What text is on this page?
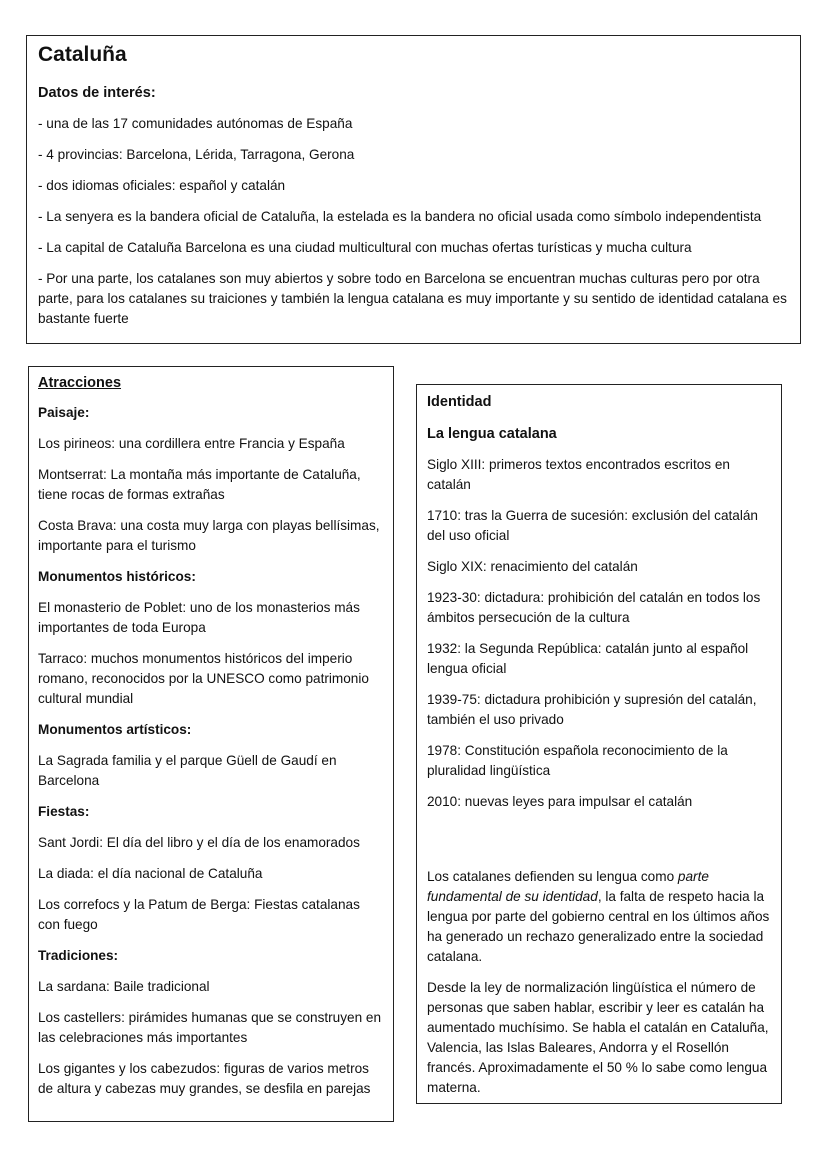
Cataluña
Datos de interés:
- una de las 17 comunidades autónomas de España
- 4 provincias: Barcelona, Lérida, Tarragona, Gerona
- dos idiomas oficiales: español y catalán
- La senyera es la bandera oficial de Cataluña, la estelada es la bandera no oficial usada como símbolo independentista
- La capital de Cataluña Barcelona es una ciudad multicultural con muchas ofertas turísticas y mucha cultura
- Por una parte, los catalanes son muy abiertos y sobre todo en Barcelona se encuentran muchas culturas pero por otra parte, para los catalanes su traiciones y también la lengua catalana es muy importante y su sentido de identidad catalana es bastante fuerte
Atracciones
Paisaje:
Los pirineos: una cordillera entre Francia y España
Montserrat: La montaña más importante de Cataluña, tiene rocas de formas extrañas
Costa Brava: una costa muy larga con playas bellísimas, importante para el turismo
Monumentos históricos:
El monasterio de Poblet: uno de los monasterios más importantes de toda Europa
Tarraco: muchos monumentos históricos del imperio romano, reconocidos por la UNESCO como patrimonio cultural mundial
Monumentos artísticos:
La Sagrada familia y el parque Güell de Gaudí en Barcelona
Fiestas:
Sant Jordi: El día del libro y el día de los enamorados
La diada: el día nacional de Cataluña
Los correfocs y la Patum de Berga: Fiestas catalanas con fuego
Tradiciones:
La sardana: Baile tradicional
Los castellers: pirámides humanas que se construyen en las celebraciones más importantes
Los gigantes y los cabezudos: figuras de varios metros de altura y cabezas muy grandes, se desfila en parejas
Identidad
La lengua catalana
Siglo XIII: primeros textos encontrados escritos en catalán
1710: tras la Guerra de sucesión: exclusión del catalán del uso oficial
Siglo XIX: renacimiento del catalán
1923-30: dictadura: prohibición del catalán en todos los ámbitos persecución de la cultura
1932: la Segunda República: catalán junto al español lengua oficial
1939-75: dictadura prohibición y supresión del catalán, también el uso privado
1978: Constitución española reconocimiento de la pluralidad lingüística
2010: nuevas leyes para impulsar el catalán
Los catalanes defienden su lengua como parte fundamental de su identidad, la falta de respeto hacia la lengua por parte del gobierno central en los últimos años ha generado un rechazo generalizado entre la sociedad catalana.
Desde la ley de normalización lingüística el número de personas que saben hablar, escribir y leer es catalán ha aumentado muchísimo. Se habla el catalán en Cataluña, Valencia, las Islas Baleares, Andorra y el Rosellón francés. Aproximadamente el 50 % lo sabe como lengua materna.
